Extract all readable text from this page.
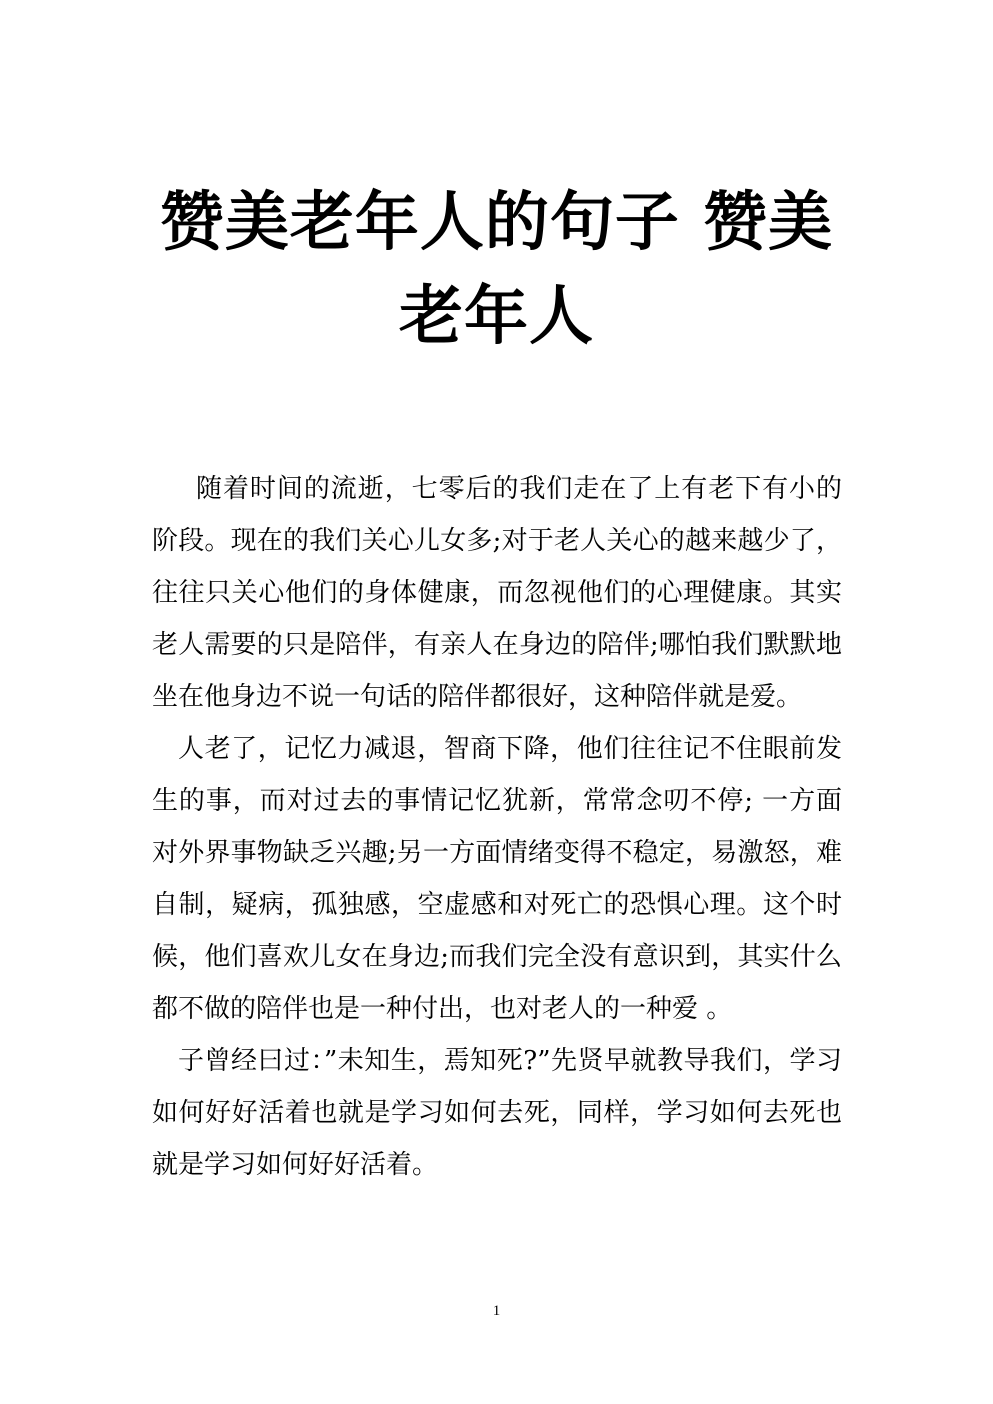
赞美老年人的句子 赞美老年人

随着时间的流逝，七零后的我们走在了上有老下有小的阶段。现在的我们关心儿女多;对于老人关心的越来越少了，往往只关心他们的身体健康，而忽视他们的心理健康。其实老人需要的只是陪伴，有亲人在身边的陪伴;哪怕我们默默地坐在他身边不说一句话的陪伴都很好，这种陪伴就是爱。

人老了，记忆力减退，智商下降，他们往往记不住眼前发生的事，而对过去的事情记忆犹新，常常念叨不停; 一方面对外界事物缺乏兴趣;另一方面情绪变得不稳定，易激怒，难自制，疑病，孤独感，空虚感和对死亡的恐惧心理。这个时候，他们喜欢儿女在身边;而我们完全没有意识到，其实什么都不做的陪伴也是一种付出，也对老人的一种爱 。

子曾经曰过：”未知生，焉知死?”先贤早就教导我们，学习如何好好活着也就是学习如何去死，同样，学习如何去死也就是学习如何好好活着。

1
